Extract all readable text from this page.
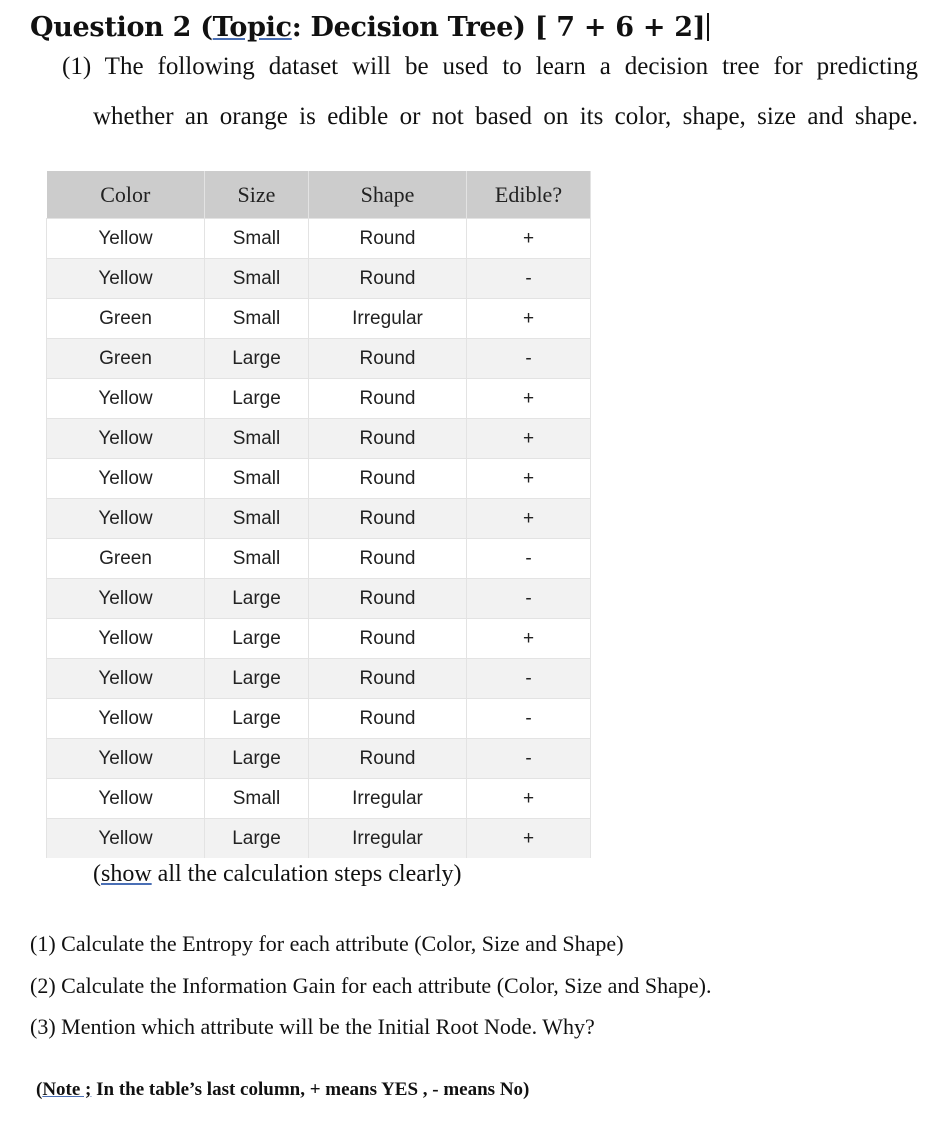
Question 2 (Topic: Decision Tree) [ 7 + 6 + 2]
(1) The following dataset will be used to learn a decision tree for predicting
whether an orange is edible or not based on its color, shape, size and shape.
Color	Size	Shape	Edible?
Yellow	Small	Round	+
Yellow	Small	Round	-
Green	Small	Irregular	+
Green	Large	Round	-
Yellow	Large	Round	+
Yellow	Small	Round	+
Yellow	Small	Round	+
Yellow	Small	Round	+
Green	Small	Round	-
Yellow	Large	Round	-
Yellow	Large	Round	+
Yellow	Large	Round	-
Yellow	Large	Round	-
Yellow	Large	Round	-
Yellow	Small	Irregular	+
Yellow	Large	Irregular	+
(show all the calculation steps clearly)
(1) Calculate the Entropy for each attribute (Color, Size and Shape)
(2) Calculate the Information Gain for each attribute (Color, Size and Shape).
(3) Mention which attribute will be the Initial Root Node. Why?
(Note ; In the table’s last column, + means YES , - means No)
